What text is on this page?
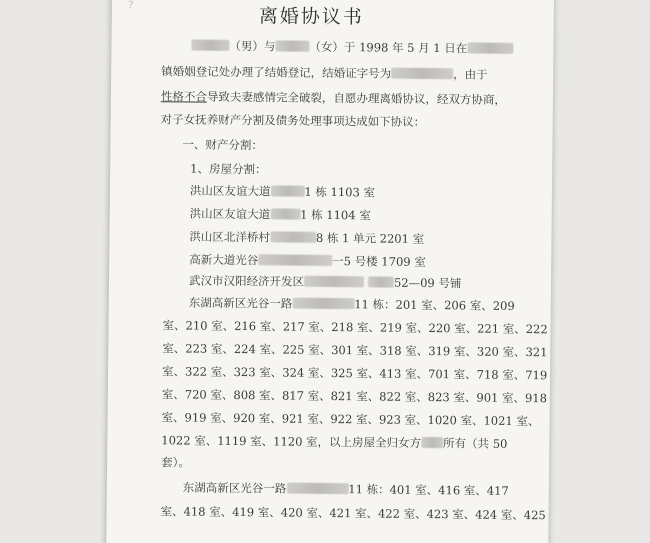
?	离婚协议书
（男）与	（女）于 1998 年 5 月 1 日在
镇婚姻登记处办理了结婚登记，结婚证字号为	，由于
性格不合导致夫妻感情完全破裂，自愿办理离婚协议，经双方协商，
对子女抚养财产分割及债务处理事项达成如下协议：
一、财产分割：
1、房屋分割：
洪山区友谊大道	1 栋 1103 室
洪山区友谊大道	1 栋 1104 室
洪山区北洋桥村	8 栋 1 单元 2201 室
高新大道光谷	一5 号楼 1709 室
武汉市汉阳经济开发区	52—09 号铺
东湖高新区光谷一路	11 栋：201 室、206 室、209
室、210 室、216 室、217 室、218 室、219 室、220 室、221 室、222
室、223 室、224 室、225 室、301 室、318 室、319 室、320 室、321
室、322 室、323 室、324 室、325 室、413 室、701 室、718 室、719
室、720 室、808 室、817 室、821 室、822 室、823 室、901 室、918
室、919 室、920 室、921 室、922 室、923 室、1020 室、1021 室、
1022 室、1119 室、1120 室，以上房屋全归女方 所有（共 50
套）。
东湖高新区光谷一路	11 栋：401 室、416 室、417
室、418 室、419 室、420 室、421 室、422 室、423 室、424 室、425
